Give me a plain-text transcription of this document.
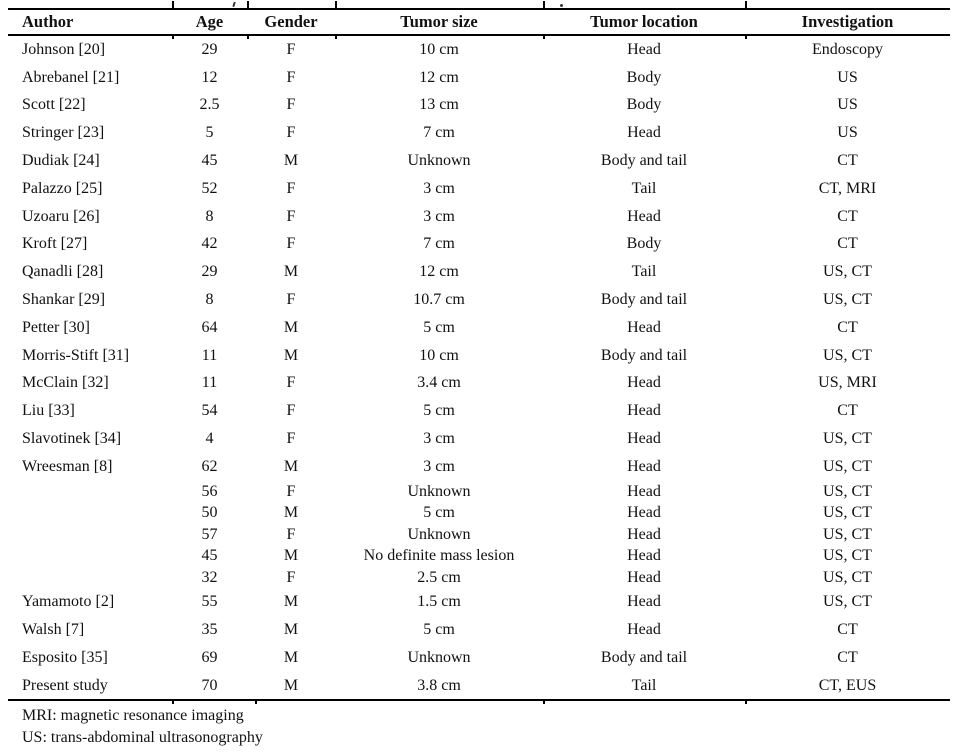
Author	Age	Gender	Tumor size	Tumor location	Investigation
Johnson [20]	29	F	10 cm	Head	Endoscopy
Abrebanel [21]	12	F	12 cm	Body	US
Scott [22]	2.5	F	13 cm	Body	US
Stringer [23]	5	F	7 cm	Head	US
Dudiak [24]	45	M	Unknown	Body and tail	CT
Palazzo [25]	52	F	3 cm	Tail	CT, MRI
Uzoaru [26]	8	F	3 cm	Head	CT
Kroft [27]	42	F	7 cm	Body	CT
Qanadli [28]	29	M	12 cm	Tail	US, CT
Shankar [29]	8	F	10.7 cm	Body and tail	US, CT
Petter [30]	64	M	5 cm	Head	CT
Morris-Stift [31]	11	M	10 cm	Body and tail	US, CT
McClain [32]	11	F	3.4 cm	Head	US, MRI
Liu [33]	54	F	5 cm	Head	CT
Slavotinek [34]	4	F	3 cm	Head	US, CT
Wreesman [8]	62	M	3 cm	Head	US, CT
56	F	Unknown	Head	US, CT
50	M	5 cm	Head	US, CT
57	F	Unknown	Head	US, CT
45	M	No definite mass lesion	Head	US, CT
32	F	2.5 cm	Head	US, CT
Yamamoto [2]	55	M	1.5 cm	Head	US, CT
Walsh [7]	35	M	5 cm	Head	CT
Esposito [35]	69	M	Unknown	Body and tail	CT
Present study	70	M	3.8 cm	Tail	CT, EUS
MRI: magnetic resonance imaging
US: trans-abdominal ultrasonography
